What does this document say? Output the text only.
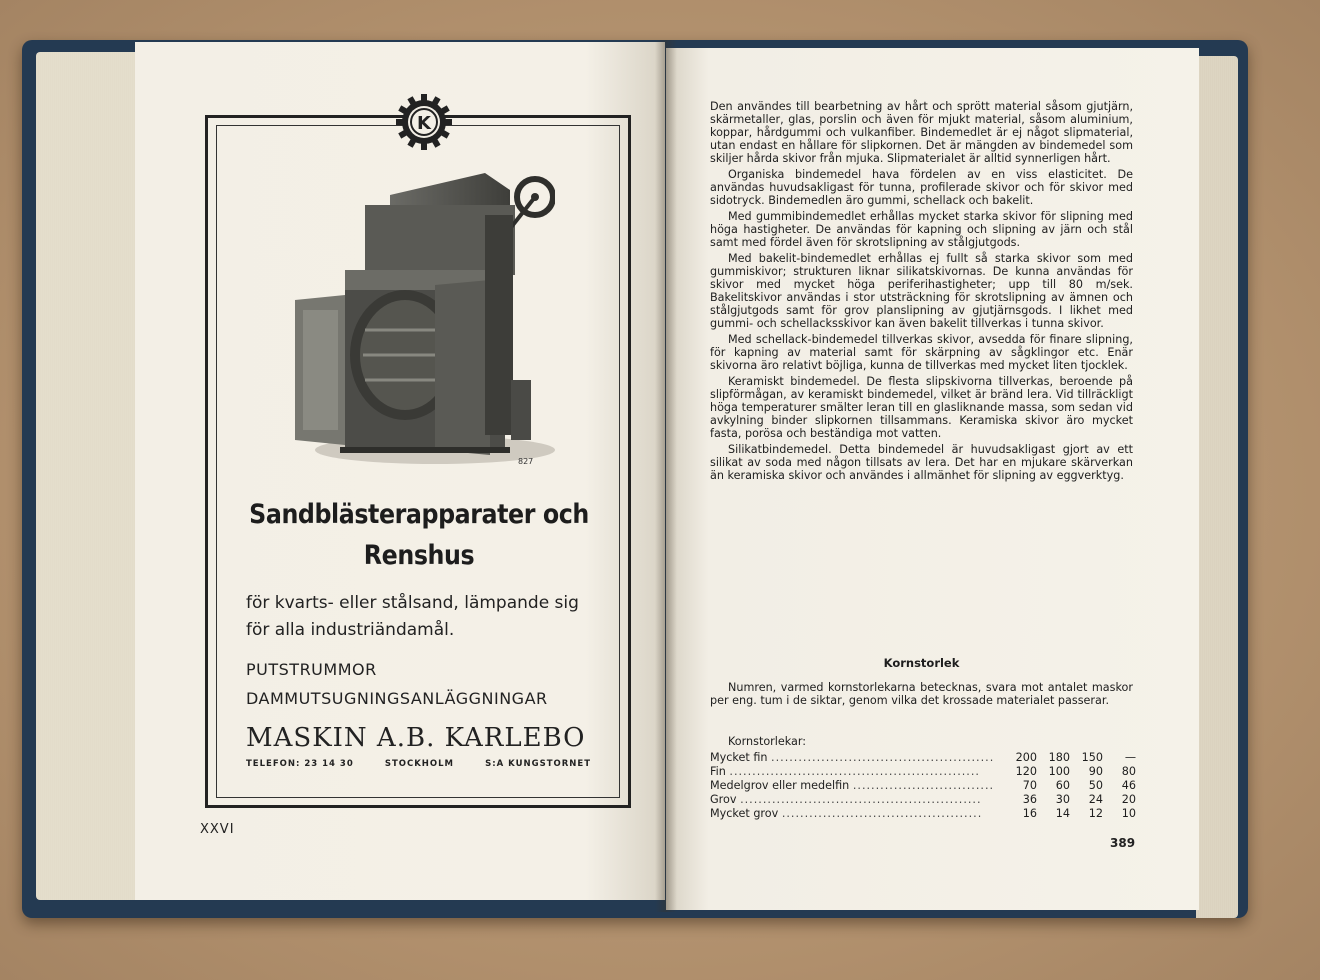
K
827
Sandblästerapparater och Renshus
för kvarts- eller stålsand, lämpande sig för alla industriändamål.
PUTSTRUMMOR
DAMMUTSUGNINGSANLÄGGNINGAR
MASKIN A.B. KARLEBO
TELEFON: 23 14 30	STOCKHOLM	S:A KUNGSTORNET
XXVI

Den användes till bearbetning av hårt och sprött material såsom gjutjärn, skärmetaller, glas, porslin och även för mjukt material, såsom aluminium, koppar, hårdgummi och vulkanfiber. Bindemedlet är ej något slipmaterial, utan endast en hållare för slipkornen. Det är mängden av bindemedel som skiljer hårda skivor från mjuka. Slipmaterialet är alltid synnerligen hårt.

Organiska bindemedel hava fördelen av en viss elasticitet. De användas huvudsakligast för tunna, profilerade skivor och för skivor med sidotryck. Bindemedlen äro gummi, schellack och bakelit.

Med gummibindemedlet erhållas mycket starka skivor för slipning med höga hastigheter. De användas för kapning och slipning av järn och stål samt med fördel även för skrotslipning av stålgjutgods.

Med bakelit-bindemedlet erhållas ej fullt så starka skivor som med gummiskivor; strukturen liknar silikatskivornas. De kunna användas för skivor med mycket höga periferihastigheter; upp till 80 m/sek. Bakelitskivor användas i stor utsträckning för skrotslipning av ämnen och stålgjutgods samt för grov planslipning av gjutjärnsgods. I likhet med gummi- och schellacksskivor kan även bakelit tillverkas i tunna skivor.

Med schellack-bindemedel tillverkas skivor, avsedda för finare slipning, för kapning av material samt för skärpning av sågklingor etc. Enär skivorna äro relativt böjliga, kunna de tillverkas med mycket liten tjocklek.

Keramiskt bindemedel. De flesta slipskivorna tillverkas, beroende på slipförmågan, av keramiskt bindemedel, vilket är bränd lera. Vid tillräckligt höga temperaturer smälter leran till en glasliknande massa, som sedan vid avkylning binder slipkornen tillsammans. Keramiska skivor äro mycket fasta, porösa och beständiga mot vatten.

Silikatbindemedel. Detta bindemedel är huvudsakligast gjort av ett silikat av soda med någon tillsats av lera. Det har en mjukare skärverkan än keramiska skivor och användes i allmänhet för slipning av eggverktyg.

Kornstorlek
Numren, varmed kornstorlekarna betecknas, svara mot antalet maskor per eng. tum i de siktar, genom vilka det krossade materialet passerar.
Kornstorlekar:
Mycket fin .................................................	200	180	150	—
Fin .......................................................	120	100	90	80
Medelgrov eller medelfin ...............................	70	60	50	46
Grov .....................................................	36	30	24	20
Mycket grov ............................................	16	14	12	10
389
